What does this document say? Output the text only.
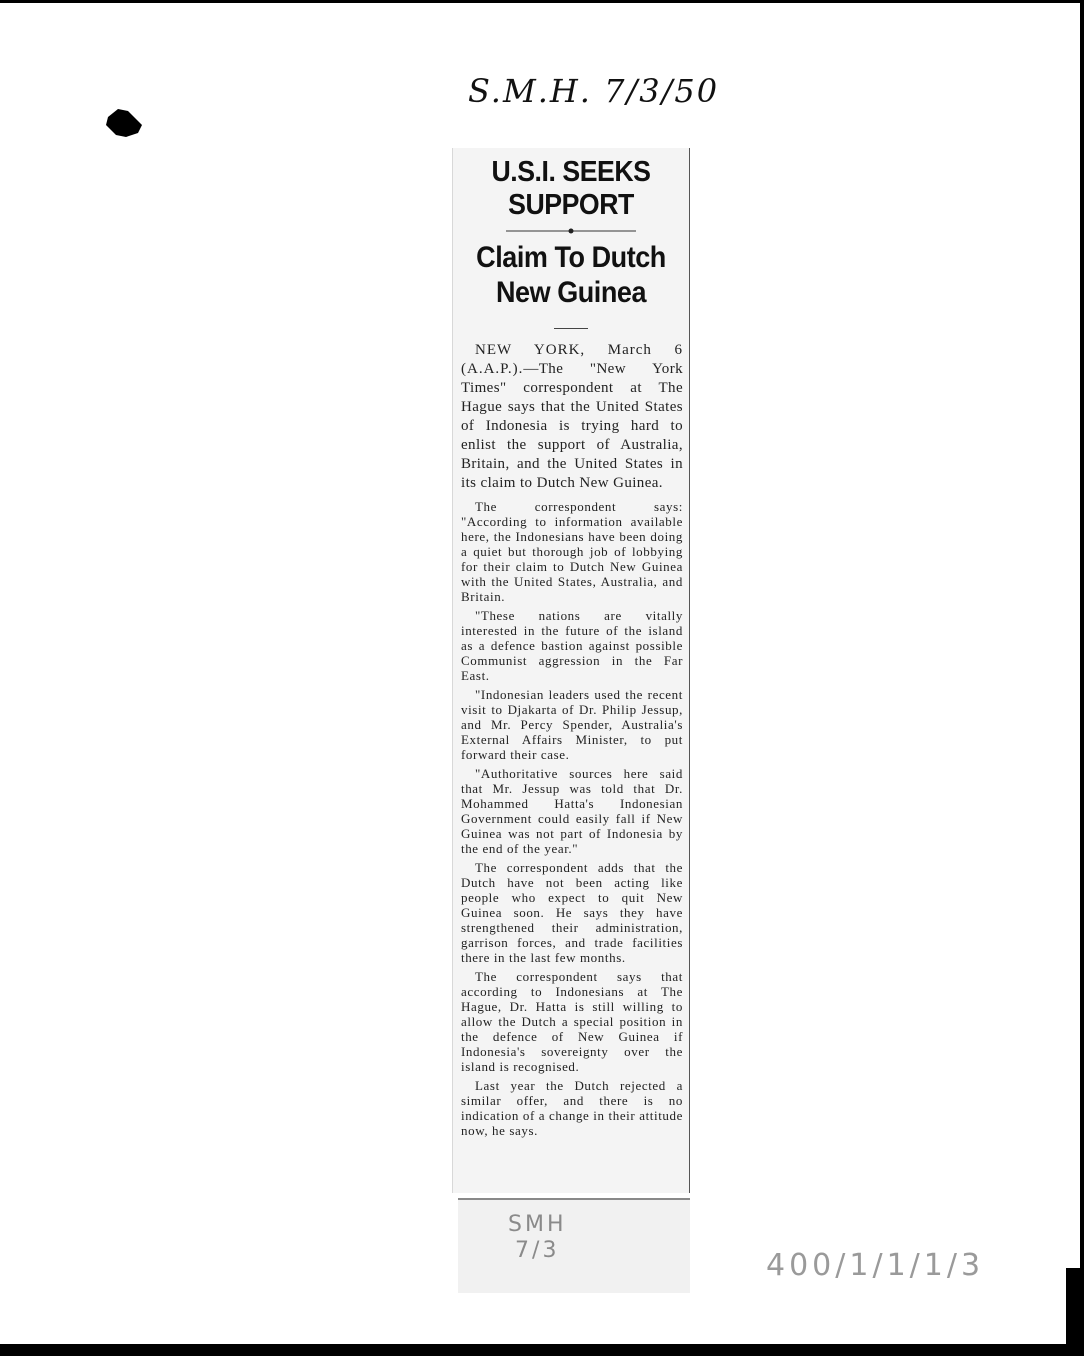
S.M.H. 7/3/50
U.S.I. SEEKS
SUPPORT
Claim To Dutch
New Guinea

NEW YORK, March 6 (A.A.P.).—The "New York Times" correspondent at The Hague says that the United States of Indonesia is trying hard to enlist the support of Australia, Britain, and the United States in its claim to Dutch New Guinea.

The correspondent says: "According to information available here, the Indonesians have been doing a quiet but thorough job of lobbying for their claim to Dutch New Guinea with the United States, Australia, and Britain.

"These nations are vitally interested in the future of the island as a defence bastion against possible Communist aggression in the Far East.

"Indonesian leaders used the recent visit to Djakarta of Dr. Philip Jessup, and Mr. Percy Spender, Australia's External Affairs Minister, to put forward their case.

"Authoritative sources here said that Mr. Jessup was told that Dr. Mohammed Hatta's Indonesian Government could easily fall if New Guinea was not part of Indonesia by the end of the year."

The correspondent adds that the Dutch have not been acting like people who expect to quit New Guinea soon. He says they have strengthened their administration, garrison forces, and trade facilities there in the last few months.

The correspondent says that according to Indonesians at The Hague, Dr. Hatta is still willing to allow the Dutch a special position in the defence of New Guinea if Indonesia's sovereignty over the island is recognised.

Last year the Dutch rejected a similar offer, and there is no indication of a change in their attitude now, he says.

SMH
7/3	400/1/1/1/3
